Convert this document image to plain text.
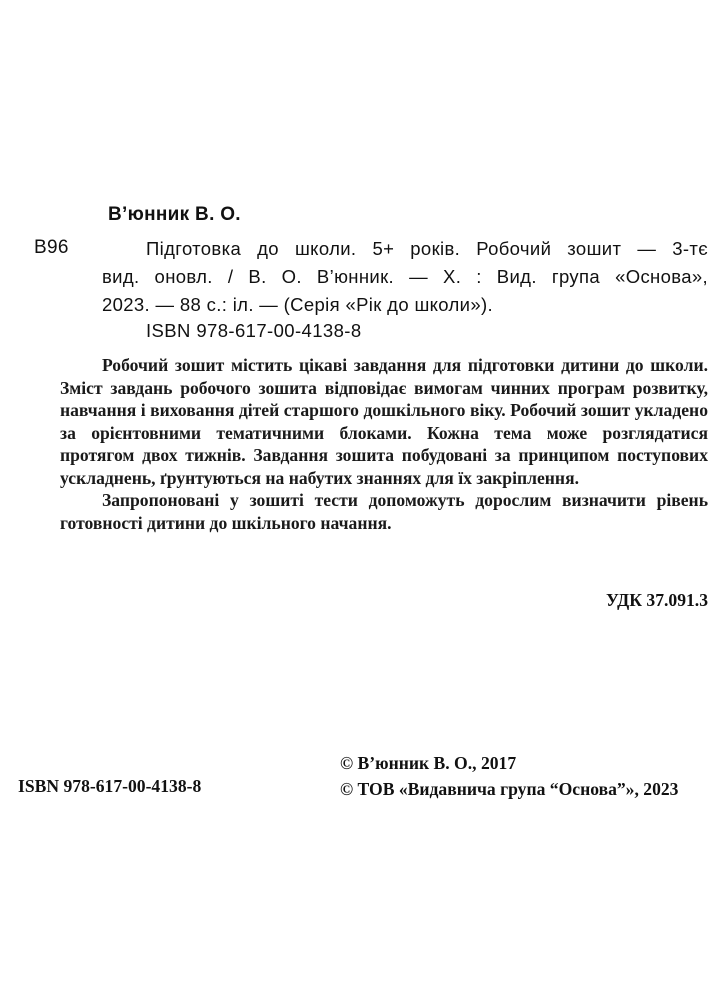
В’юнник В. О.
В96	Підготовка до школи. 5+ років. Робочий зошит — 3-тє
вид. оновл. / В. О. В’юнник. — Х. : Вид. група «Основа»,
2023. — 88 с.: іл. — (Серія «Рік до школи»).
ISBN 978-617-00-4138-8

Робочий зошит містить цікаві завдання для підготовки дитини до школи. Зміст завдань робочого зошита відповідає вимогам чинних програм розвитку, навчання і виховання дітей старшого дошкільного віку. Робочий зошит укладено за орієнтовними тематичними блоками. Кожна тема може розглядатися протягом двох тижнів. Завдання зошита побудовані за принципом поступових ускладнень, ґрунтуються на набутих знаннях для їх закріплення.

Запропоновані у зошиті тести допоможуть дорослим визначити рівень готовності дитини до шкільного начання.

УДК 37.091.3
© В’юнник В. О., 2017
© ТОВ «Видавнича група “Основа”», 2023
ISBN 978-617-00-4138-8
